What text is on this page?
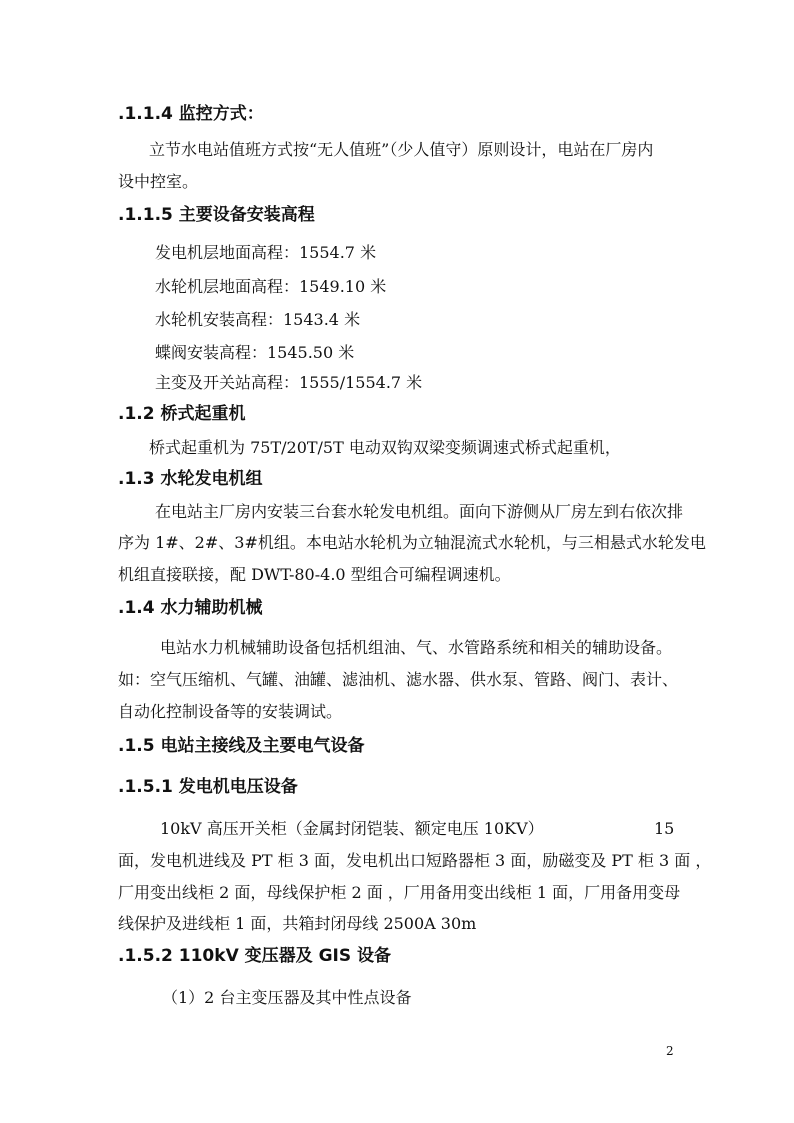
.1.1.4 监控方式：
立节水电站值班方式按“无人值班”（少人值守）原则设计，电站在厂房内
设中控室。
.1.1.5 主要设备安装高程
发电机层地面高程：1554.7 米
水轮机层地面高程：1549.10 米
水轮机安装高程：1543.4 米
蝶阀安装高程：1545.50 米
主变及开关站高程：1555/1554.7 米
.1.2 桥式起重机
桥式起重机为 75T/20T/5T 电动双钩双梁变频调速式桥式起重机，
.1.3 水轮发电机组
在电站主厂房内安装三台套水轮发电机组。面向下游侧从厂房左到右依次排
序为 1#、2#、3#机组。本电站水轮机为立轴混流式水轮机，与三相悬式水轮发电
机组直接联接，配 DWT-80-4.0 型组合可编程调速机。
.1.4 水力辅助机械
电站水力机械辅助设备包括机组油、气、水管路系统和相关的辅助设备。
如：空气压缩机、气罐、油罐、滤油机、滤水器、供水泵、管路、阀门、表计、
自动化控制设备等的安装调试。
.1.5 电站主接线及主要电气设备
.1.5.1 发电机电压设备
10kV 高压开关柜（金属封闭铠装、额定电压 10KV）	15
面，发电机进线及 PT 柜 3 面，发电机出口短路器柜 3 面，励磁变及 PT 柜 3 面 ，
厂用变出线柜 2 面，母线保护柜 2 面 ，厂用备用变出线柜 1 面，厂用备用变母
线保护及进线柜 1 面，共箱封闭母线 2500A 30m
.1.5.2 110kV 变压器及 GIS 设备
（1）2 台主变压器及其中性点设备
2
